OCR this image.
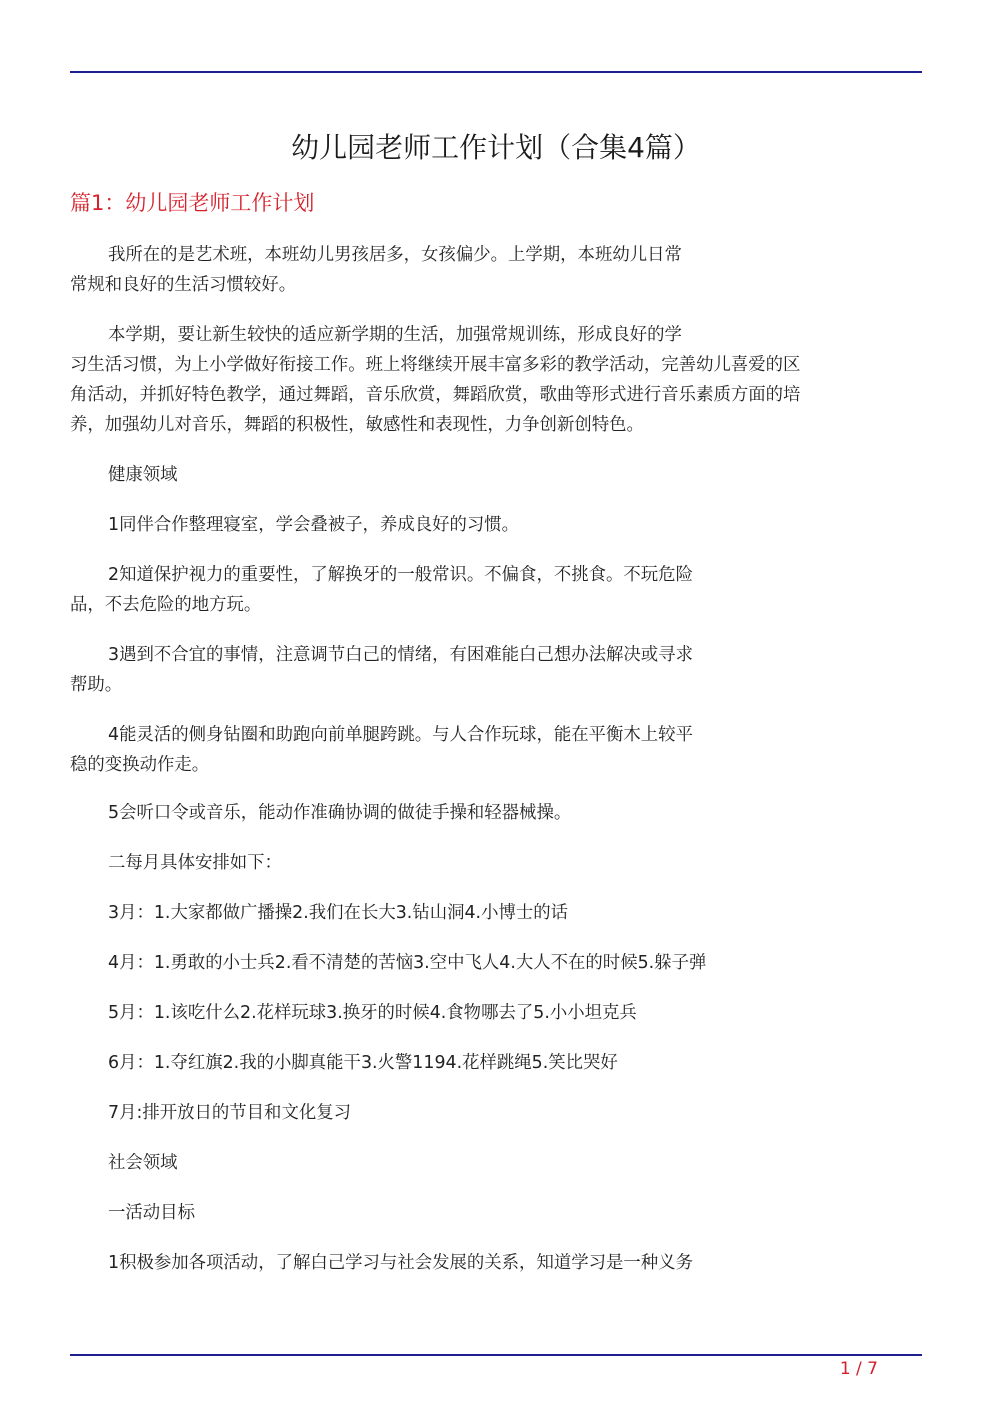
幼儿园老师工作计划（合集4篇）
篇1：幼儿园老师工作计划

我所在的是艺术班，本班幼儿男孩居多，女孩偏少。上学期，本班幼儿日常
常规和良好的生活习惯较好。

本学期，要让新生较快的适应新学期的生活，加强常规训练，形成良好的学
习生活习惯，为上小学做好衔接工作。班上将继续开展丰富多彩的教学活动，完善幼儿喜爱的区
角活动，并抓好特色教学，通过舞蹈，音乐欣赏，舞蹈欣赏，歌曲等形式进行音乐素质方面的培
养，加强幼儿对音乐，舞蹈的积极性，敏感性和表现性，力争创新创特色。

健康领域

1同伴合作整理寝室，学会叠被子，养成良好的习惯。

2知道保护视力的重要性，了解换牙的一般常识。不偏食，不挑食。不玩危险
品，不去危险的地方玩。

3遇到不合宜的事情，注意调节白己的情绪，有困难能白己想办法解决或寻求
帮助。

4能灵活的侧身钻圈和助跑向前单腿跨跳。与人合作玩球，能在平衡木上较平
稳的变换动作走。

5会听口令或音乐，能动作准确协调的做徒手操和轻器械操。

二每月具体安排如下：

3月：1.大家都做广播操2.我们在长大3.钻山洞4.小博士的话

4月：1.勇敢的小士兵2.看不清楚的苦恼3.空中飞人4.大人不在的时候5.躲子弹

5月：1.该吃什么2.花样玩球3.换牙的时候4.食物哪去了5.小小坦克兵

6月：1.夺红旗2.我的小脚真能干3.火警1194.花样跳绳5.笑比哭好

7月:排开放日的节目和文化复习

社会领域

一活动目标

1积极参加各项活动，了解白己学习与社会发展的关系，知道学习是一种义务

1 / 7
